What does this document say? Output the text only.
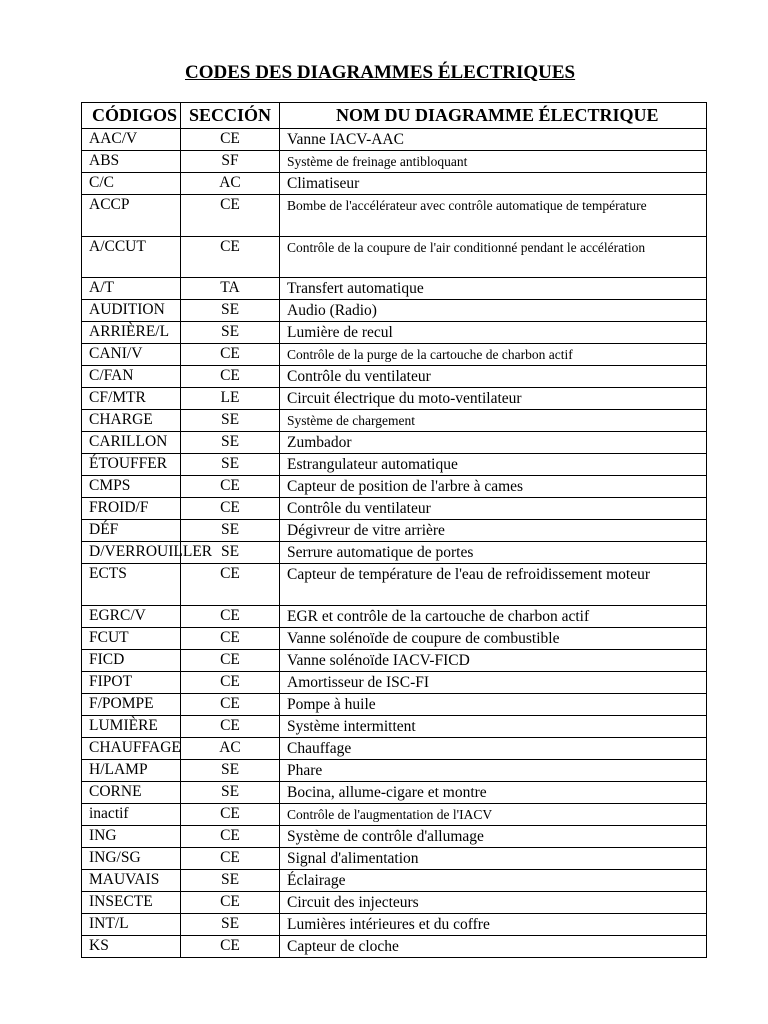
CODES DES DIAGRAMMES ÉLECTRIQUES
CÓDIGOS	SECCIÓN	NOM DU DIAGRAMME ÉLECTRIQUE
AAC/V	CE	Vanne IACV-AAC
ABS	SF	Système de freinage antibloquant
C/C	AC	Climatiseur
ACCP	CE	Bombe de l'accélérateur avec contrôle automatique de température
A/CCUT	CE	Contrôle de la coupure de l'air conditionné pendant le accélération
A/T	TA	Transfert automatique
AUDITION	SE	Audio (Radio)
ARRIÈRE/L	SE	Lumière de recul
CANI/V	CE	Contrôle de la purge de la cartouche de charbon actif
C/FAN	CE	Contrôle du ventilateur
CF/MTR	LE	Circuit électrique du moto-ventilateur
CHARGE	SE	Système de chargement
CARILLON	SE	Zumbador
ÉTOUFFER	SE	Estrangulateur automatique
CMPS	CE	Capteur de position de l'arbre à cames
FROID/F	CE	Contrôle du ventilateur
DÉF	SE	Dégivreur de vitre arrière
D/VERROUILLER	SE	Serrure automatique de portes
ECTS	CE	Capteur de température de l'eau de refroidissement moteur
EGRC/V	CE	EGR et contrôle de la cartouche de charbon actif
FCUT	CE	Vanne solénoïde de coupure de combustible
FICD	CE	Vanne solénoïde IACV-FICD
FIPOT	CE	Amortisseur de ISC-FI
F/POMPE	CE	Pompe à huile
LUMIÈRE	CE	Système intermittent
CHAUFFAGE	AC	Chauffage
H/LAMP	SE	Phare
CORNE	SE	Bocina, allume-cigare et montre
inactif	CE	Contrôle de l'augmentation de l'IACV
ING	CE	Système de contrôle d'allumage
ING/SG	CE	Signal d'alimentation
MAUVAIS	SE	Éclairage
INSECTE	CE	Circuit des injecteurs
INT/L	SE	Lumières intérieures et du coffre
KS	CE	Capteur de cloche
